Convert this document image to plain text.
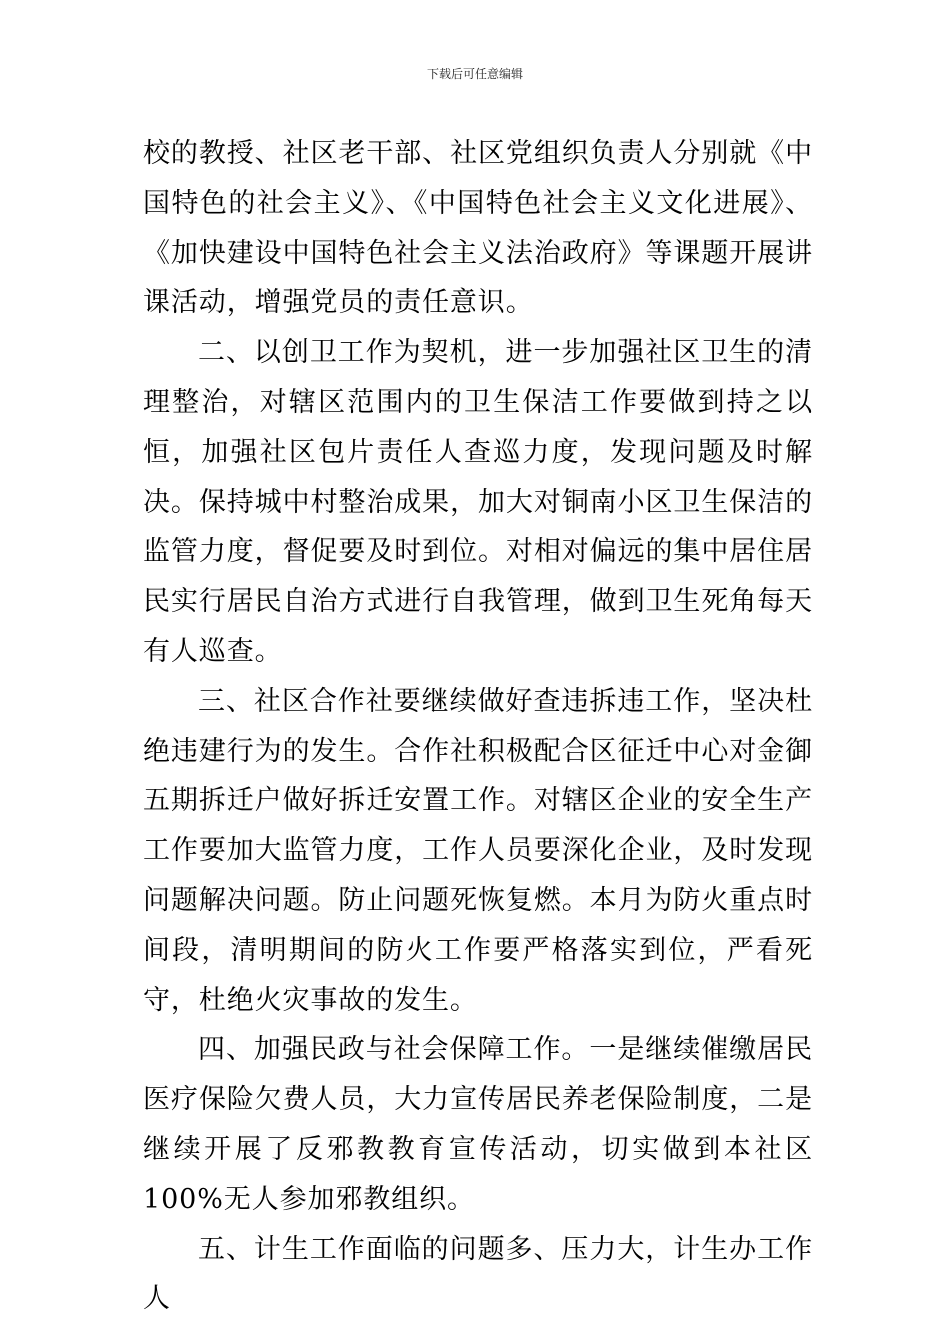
下载后可任意编辑

校的教授、社区老干部、社区党组织负责人分别就《中国特色的社会主义》、《中国特色社会主义文化进展》、《加快建设中国特色社会主义法治政府》等课题开展讲课活动，增强党员的责任意识。

二、以创卫工作为契机，进一步加强社区卫生的清理整治，对辖区范围内的卫生保洁工作要做到持之以恒，加强社区包片责任人查巡力度，发现问题及时解决。保持城中村整治成果，加大对铜南小区卫生保洁的监管力度，督促要及时到位。对相对偏远的集中居住居民实行居民自治方式进行自我管理，做到卫生死角每天有人巡查。

三、社区合作社要继续做好查违拆违工作，坚决杜绝违建行为的发生。合作社积极配合区征迁中心对金御五期拆迁户做好拆迁安置工作。对辖区企业的安全生产工作要加大监管力度，工作人员要深化企业，及时发现问题解决问题。防止问题死恢复燃。本月为防火重点时间段，清明期间的防火工作要严格落实到位，严看死守，杜绝火灾事故的发生。

四、加强民政与社会保障工作。一是继续催缴居民医疗保险欠费人员，大力宣传居民养老保险制度，二是继续开展了反邪教教育宣传活动，切实做到本社区 100%无人参加邪教组织。

五、计生工作面临的问题多、压力大，计生办工作人
